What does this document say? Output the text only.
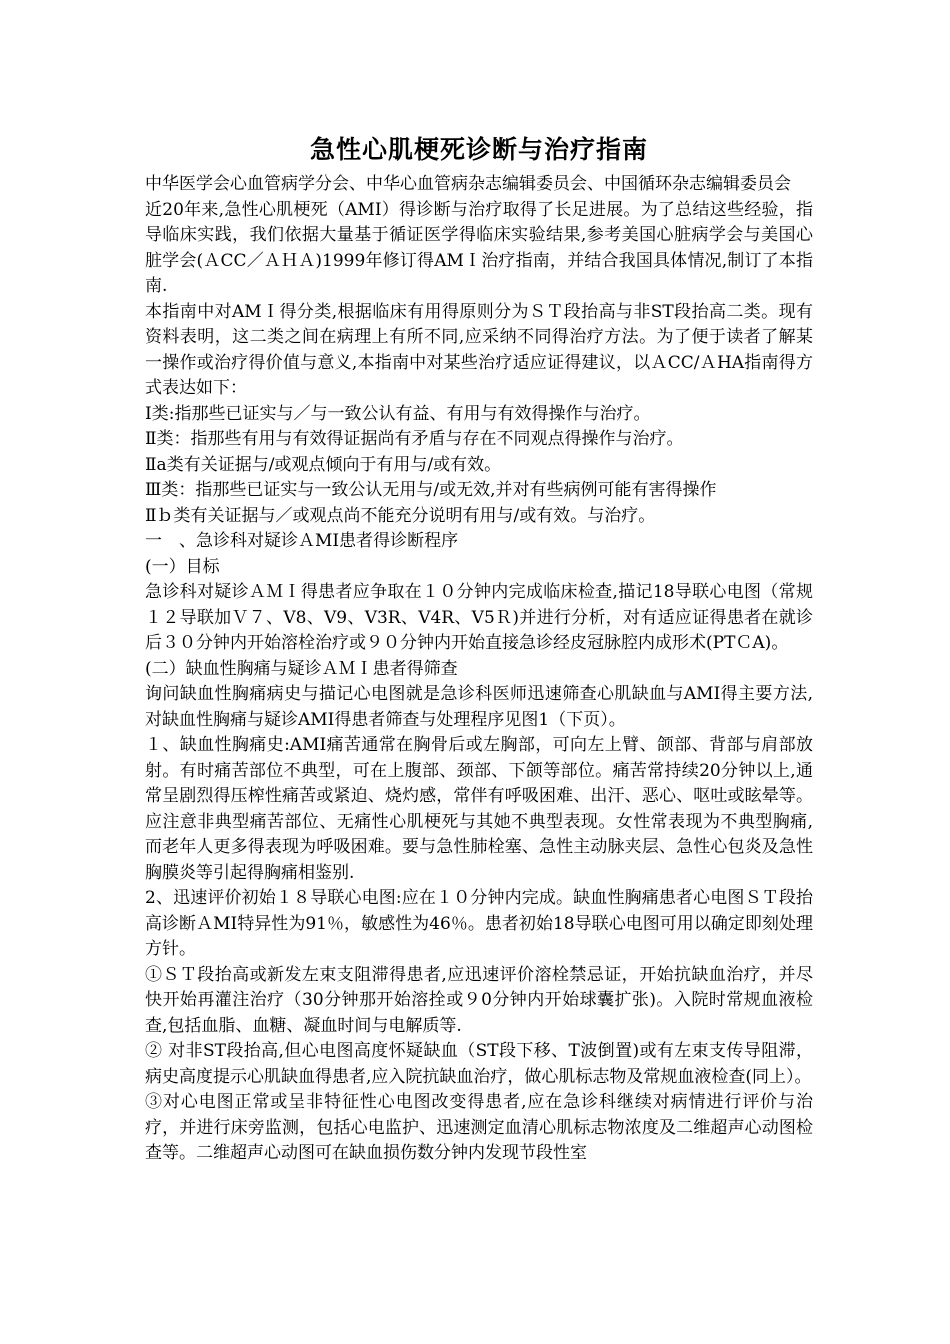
急性心肌梗死诊断与治疗指南

中华医学会心血管病学分会、中华心血管病杂志编辑委员会、中国循环杂志编辑委员会

近20年来,急性心肌梗死（AMI）得诊断与治疗取得了长足进展。为了总结这些经验，指导临床实践，我们依据大量基于循证医学得临床实验结果,参考美国心脏病学会与美国心脏学会(ＡCC／ＡＨＡ)1999年修订得AMＩ治疗指南，并结合我国具体情况,制订了本指南.

本指南中对AMＩ得分类,根据临床有用得原则分为ＳＴ段抬高与非ST段抬高二类。现有资料表明，这二类之间在病理上有所不同,应采纳不同得治疗方法。为了便于读者了解某一操作或治疗得价值与意义,本指南中对某些治疗适应证得建议，以ＡCC/ＡHA指南得方式表达如下：

Ⅰ类:指那些已证实与／与一致公认有益、有用与有效得操作与治疗。

Ⅱ类：指那些有用与有效得证据尚有矛盾与存在不同观点得操作与治疗。

Ⅱa类有关证据与/或观点倾向于有用与/或有效。

Ⅲ类：指那些已证实与一致公认无用与/或无效,并对有些病例可能有害得操作

Ⅱｂ类有关证据与／或观点尚不能充分说明有用与/或有效。与治疗。

一　、急诊科对疑诊ＡMI患者得诊断程序

(一）目标

急诊科对疑诊ＡＭＩ得患者应争取在１０分钟内完成临床检查,描记18导联心电图（常规１２导联加Ｖ７、V8、V9、V3R、V4R、V5Ｒ)并进行分析，对有适应证得患者在就诊后３０分钟内开始溶栓治疗或９０分钟内开始直接急诊经皮冠脉腔内成形术(PTＣA)。

(二）缺血性胸痛与疑诊ＡＭＩ患者得筛查

询问缺血性胸痛病史与描记心电图就是急诊科医师迅速筛查心肌缺血与AMI得主要方法,对缺血性胸痛与疑诊AMI得患者筛查与处理程序见图1（下页）。

１、缺血性胸痛史:AMI痛苦通常在胸骨后或左胸部，可向左上臂、颌部、背部与肩部放射。有时痛苦部位不典型，可在上腹部、颈部、下颌等部位。痛苦常持续20分钟以上,通常呈剧烈得压榨性痛苦或紧迫、烧灼感，常伴有呼吸困难、出汗、恶心、呕吐或眩晕等。应注意非典型痛苦部位、无痛性心肌梗死与其她不典型表现。女性常表现为不典型胸痛,而老年人更多得表现为呼吸困难。要与急性肺栓塞、急性主动脉夹层、急性心包炎及急性胸膜炎等引起得胸痛相鉴别.

2、迅速评价初始１８导联心电图:应在１０分钟内完成。缺血性胸痛患者心电图ＳＴ段抬高诊断ＡMI特异性为91％，敏感性为46％。患者初始18导联心电图可用以确定即刻处理方针。

①ＳＴ段抬高或新发左束支阻滞得患者,应迅速评价溶栓禁忌证，开始抗缺血治疗，并尽快开始再灌注治疗（30分钟那开始溶拴或９0分钟内开始球囊扩张)。入院时常规血液检查,包括血脂、血糖、凝血时间与电解质等.

② 对非ST段抬高,但心电图高度怀疑缺血（ST段下移、T波倒置)或有左束支传导阻滞，病史高度提示心肌缺血得患者,应入院抗缺血治疗，做心肌标志物及常规血液检查(同上）。

③对心电图正常或呈非特征性心电图改变得患者,应在急诊科继续对病情进行评价与治疗，并进行床旁监测，包括心电监护、迅速测定血清心肌标志物浓度及二维超声心动图检查等。二维超声心动图可在缺血损伤数分钟内发现节段性室
